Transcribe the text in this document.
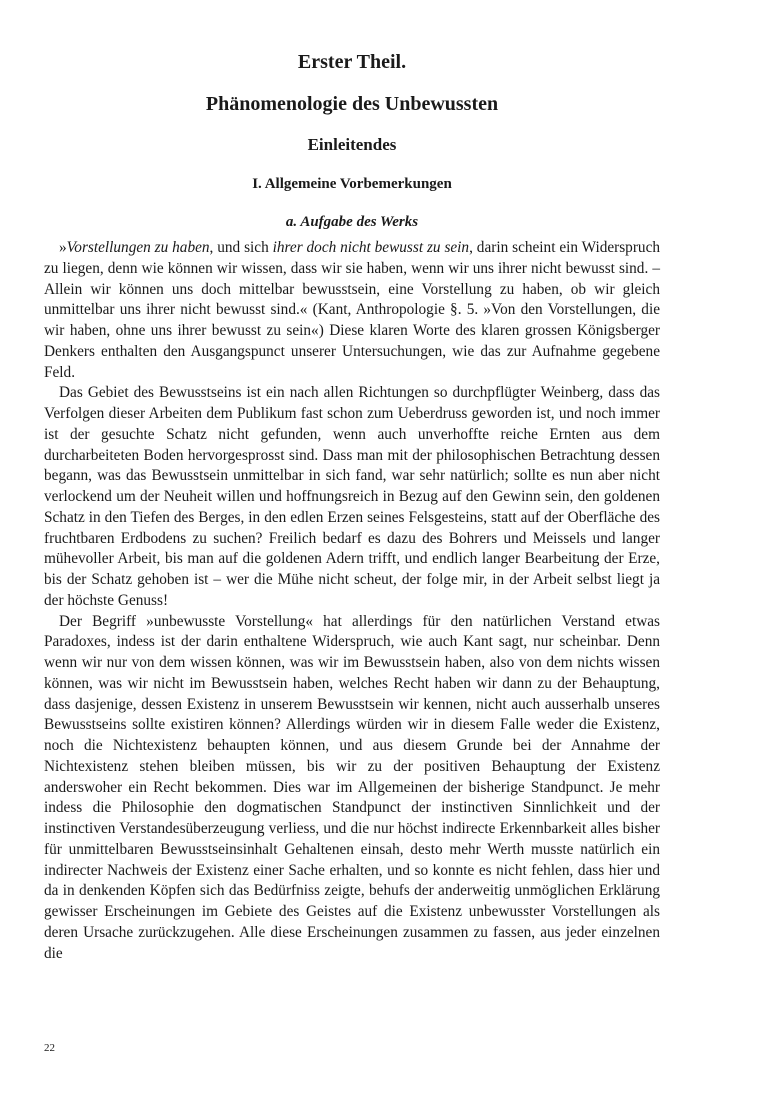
Erster Theil.
Phänomenologie des Unbewussten
Einleitendes
I. Allgemeine Vorbemerkungen
a. Aufgabe des Werks

»Vorstellungen zu haben, und sich ihrer doch nicht bewusst zu sein, darin scheint ein Widerspruch zu liegen, denn wie können wir wissen, dass wir sie haben, wenn wir uns ihrer nicht bewusst sind. – Allein wir können uns doch mittelbar bewusstsein, eine Vorstellung zu haben, ob wir gleich unmittelbar uns ihrer nicht bewusst sind.« (Kant, Anthropologie §. 5. »Von den Vorstellungen, die wir haben, ohne uns ihrer bewusst zu sein«) Diese klaren Worte des klaren grossen Königsberger Denkers enthalten den Ausgangspunct unserer Untersuchungen, wie das zur Aufnahme gegebene Feld.

Das Gebiet des Bewusstseins ist ein nach allen Richtungen so durchpflügter Weinberg, dass das Verfolgen dieser Arbeiten dem Publikum fast schon zum Ueberdruss geworden ist, und noch immer ist der gesuchte Schatz nicht gefunden, wenn auch unverhoffte reiche Ernten aus dem durcharbeiteten Boden hervorgesprosst sind. Dass man mit der philosophischen Betrachtung dessen begann, was das Bewusstsein unmittelbar in sich fand, war sehr natürlich; sollte es nun aber nicht verlockend um der Neuheit willen und hoffnungsreich in Bezug auf den Gewinn sein, den goldenen Schatz in den Tiefen des Berges, in den edlen Erzen seines Felsgesteins, statt auf der Oberfläche des fruchtbaren Erdbodens zu suchen? Freilich bedarf es dazu des Bohrers und Meissels und langer mühevoller Arbeit, bis man auf die goldenen Adern trifft, und endlich langer Bearbeitung der Erze, bis der Schatz gehoben ist – wer die Mühe nicht scheut, der folge mir, in der Arbeit selbst liegt ja der höchste Genuss!

Der Begriff »unbewusste Vorstellung« hat allerdings für den natürlichen Verstand etwas Paradoxes, indess ist der darin enthaltene Widerspruch, wie auch Kant sagt, nur scheinbar. Denn wenn wir nur von dem wissen können, was wir im Bewusstsein haben, also von dem nichts wissen können, was wir nicht im Bewusstsein haben, welches Recht haben wir dann zu der Behauptung, dass dasjenige, dessen Existenz in unserem Bewusstsein wir kennen, nicht auch ausserhalb unseres Bewusstseins sollte existiren können? Allerdings würden wir in diesem Falle weder die Existenz, noch die Nichtexistenz behaupten können, und aus diesem Grunde bei der Annahme der Nichtexistenz stehen bleiben müssen, bis wir zu der positiven Behauptung der Existenz anderswoher ein Recht bekommen. Dies war im Allgemeinen der bisherige Standpunct. Je mehr indess die Philosophie den dogmatischen Standpunct der instinctiven Sinnlichkeit und der instinctiven Verstandesüberzeugung verliess, und die nur höchst indirecte Erkennbarkeit alles bisher für unmittelbaren Bewusstseinsinhalt Gehaltenen einsah, desto mehr Werth musste natürlich ein indirecter Nachweis der Existenz einer Sache erhalten, und so konnte es nicht fehlen, dass hier und da in denkenden Köpfen sich das Bedürfniss zeigte, behufs der anderweitig unmöglichen Erklärung gewisser Erscheinungen im Gebiete des Geistes auf die Existenz unbewusster Vorstellungen als deren Ursache zurückzugehen. Alle diese Erscheinungen zusammen zu fassen, aus jeder einzelnen die

22
